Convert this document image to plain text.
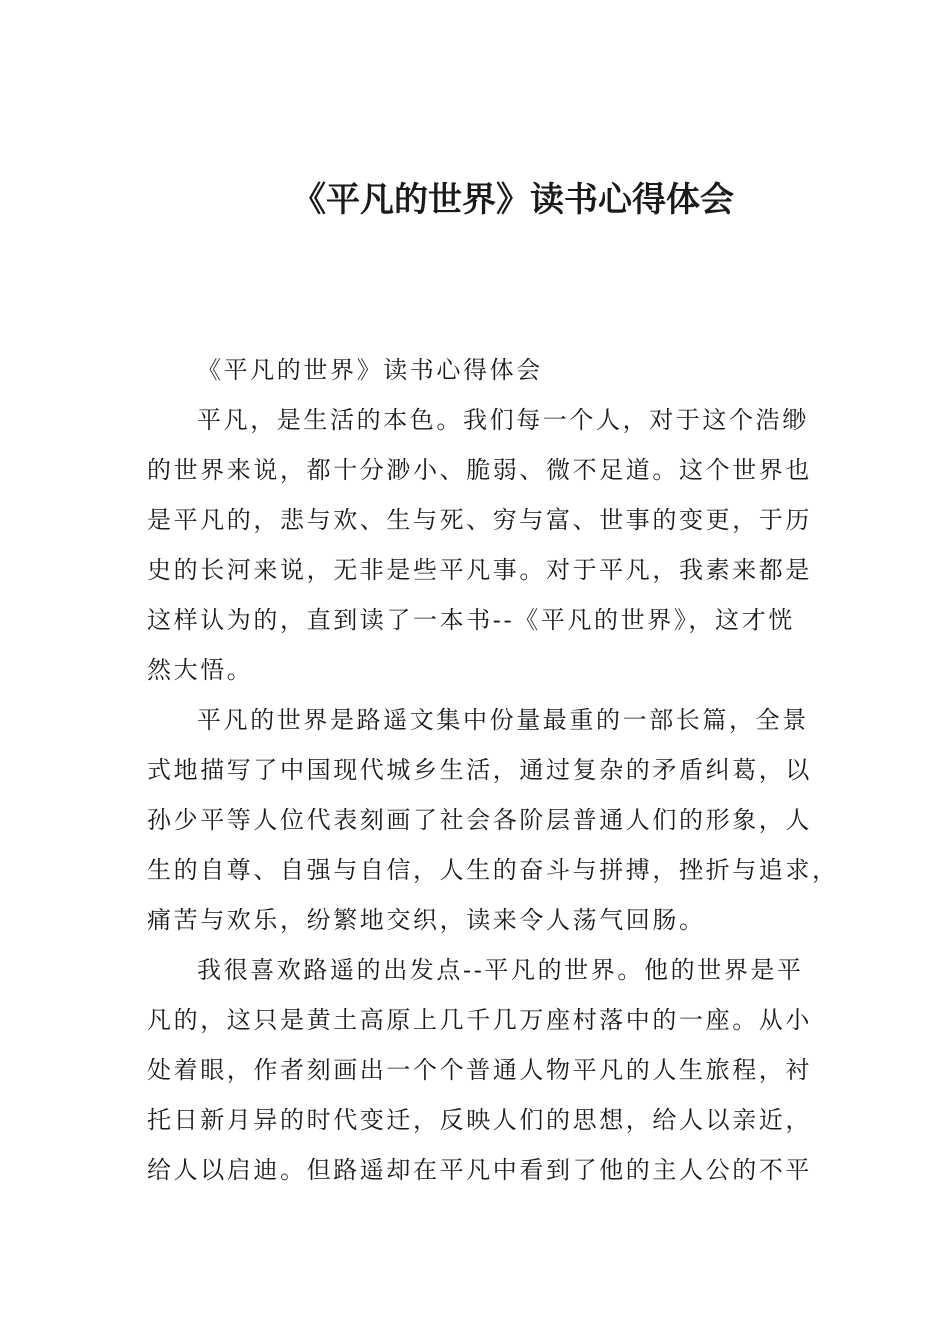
《平凡的世界》读书心得体会
《平凡的世界》读书心得体会
平凡，是生活的本色。我们每一个人，对于这个浩缈
的世界来说，都十分渺小、脆弱、微不足道。这个世界也
是平凡的，悲与欢、生与死、穷与富、世事的变更，于历
史的长河来说，无非是些平凡事。对于平凡，我素来都是
这样认为的，直到读了一本书--《平凡的世界》，这才恍
然大悟。
平凡的世界是路遥文集中份量最重的一部长篇，全景
式地描写了中国现代城乡生活，通过复杂的矛盾纠葛，以
孙少平等人位代表刻画了社会各阶层普通人们的形象，人
生的自尊、自强与自信，人生的奋斗与拼搏，挫折与追求，
痛苦与欢乐，纷繁地交织，读来令人荡气回肠。
我很喜欢路遥的出发点--平凡的世界。他的世界是平
凡的，这只是黄土高原上几千几万座村落中的一座。从小
处着眼，作者刻画出一个个普通人物平凡的人生旅程，衬
托日新月异的时代变迁，反映人们的思想，给人以亲近，
给人以启迪。但路遥却在平凡中看到了他的主人公的不平
